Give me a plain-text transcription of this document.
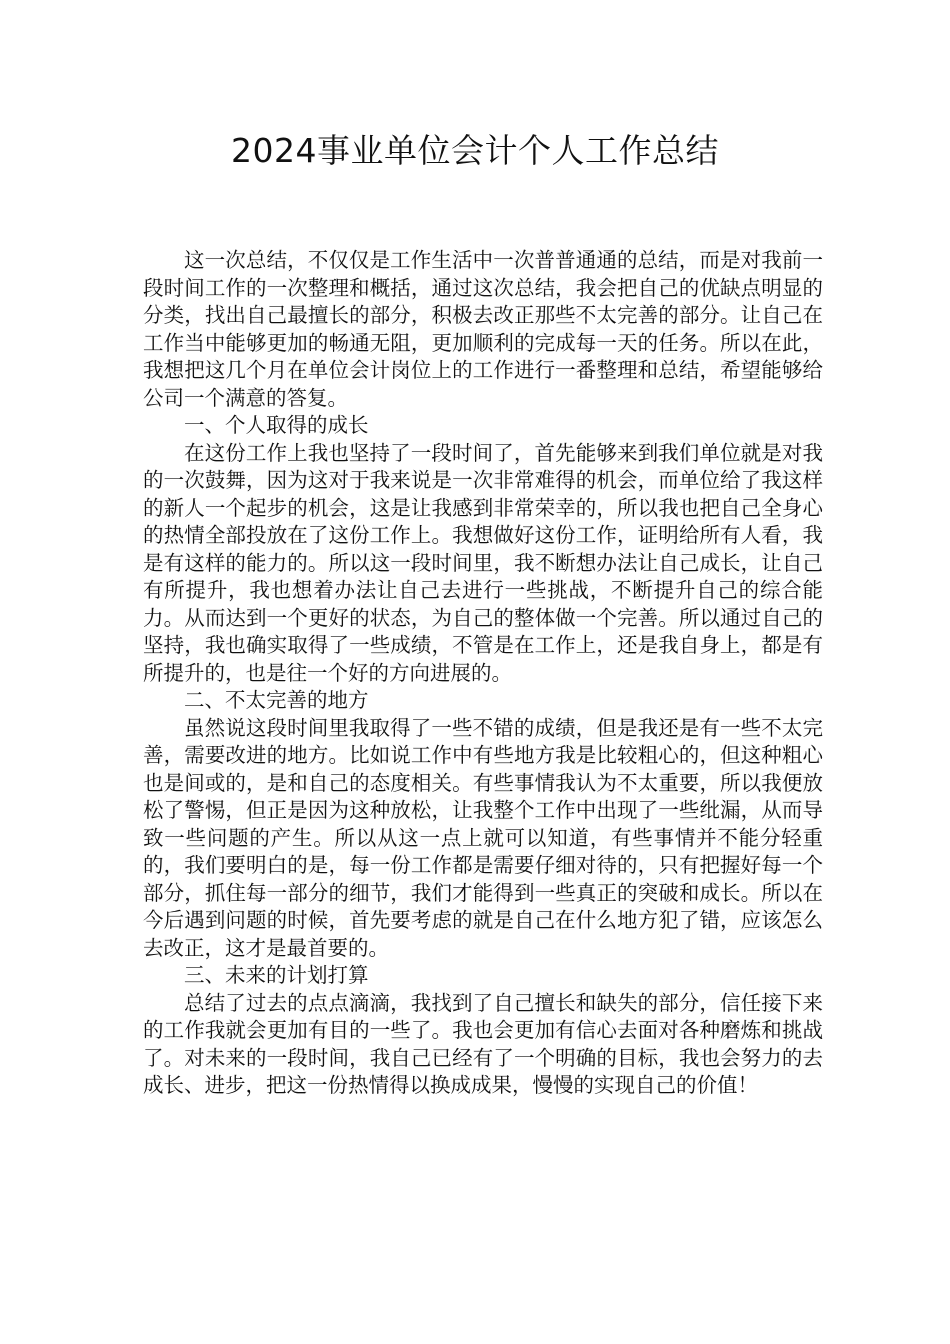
2024事业单位会计个人工作总结

这一次总结，不仅仅是工作生活中一次普普通通的总结，而是对我前一段时间工作的一次整理和概括，通过这次总结，我会把自己的优缺点明显的分类，找出自己最擅长的部分，积极去改正那些不太完善的部分。让自己在工作当中能够更加的畅通无阻，更加顺利的完成每一天的任务。所以在此，我想把这几个月在单位会计岗位上的工作进行一番整理和总结，希望能够给公司一个满意的答复。

一、个人取得的成长

在这份工作上我也坚持了一段时间了，首先能够来到我们单位就是对我的一次鼓舞，因为这对于我来说是一次非常难得的机会，而单位给了我这样的新人一个起步的机会，这是让我感到非常荣幸的，所以我也把自己全身心的热情全部投放在了这份工作上。我想做好这份工作，证明给所有人看，我是有这样的能力的。所以这一段时间里，我不断想办法让自己成长，让自己有所提升，我也想着办法让自己去进行一些挑战，不断提升自己的综合能力。从而达到一个更好的状态，为自己的整体做一个完善。所以通过自己的坚持，我也确实取得了一些成绩，不管是在工作上，还是我自身上，都是有所提升的，也是往一个好的方向进展的。

二、不太完善的地方

虽然说这段时间里我取得了一些不错的成绩，但是我还是有一些不太完善，需要改进的地方。比如说工作中有些地方我是比较粗心的，但这种粗心也是间或的，是和自己的态度相关。有些事情我认为不太重要，所以我便放松了警惕，但正是因为这种放松，让我整个工作中出现了一些纰漏，从而导致一些问题的产生。所以从这一点上就可以知道，有些事情并不能分轻重的，我们要明白的是，每一份工作都是需要仔细对待的，只有把握好每一个部分，抓住每一部分的细节，我们才能得到一些真正的突破和成长。所以在今后遇到问题的时候，首先要考虑的就是自己在什么地方犯了错，应该怎么去改正，这才是最首要的。

三、未来的计划打算

总结了过去的点点滴滴，我找到了自己擅长和缺失的部分，信任接下来的工作我就会更加有目的一些了。我也会更加有信心去面对各种磨炼和挑战了。对未来的一段时间，我自己已经有了一个明确的目标，我也会努力的去成长、进步，把这一份热情得以换成成果，慢慢的实现自己的价值！
